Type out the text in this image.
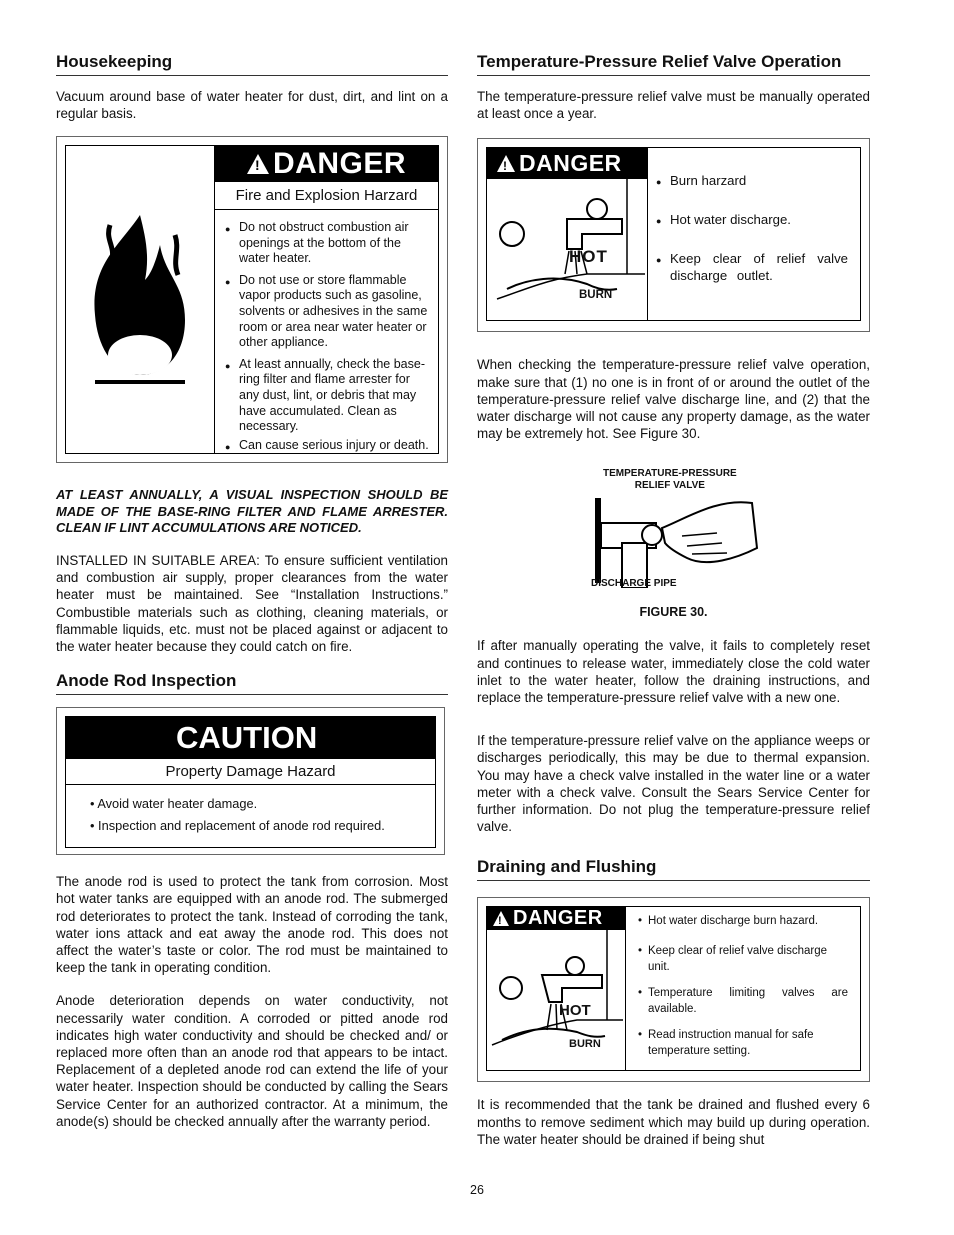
Housekeeping
Vacuum around base of water heater for dust, dirt, and lint on a regular basis.
! DANGER
Fire and Explosion Harzard
● Do not obstruct combustion air openings at the bottom of the water heater.
● Do not use or store flammable vapor products such as gasoline, solvents or adhesives in the same room or area near water heater or other appliance.
● At least annually, check the base-ring filter and flame arrester for any dust, lint, or debris that may have accumulated. Clean as necessary.
● Can cause serious injury or death.
AT LEAST ANNUALLY, A VISUAL INSPECTION SHOULD BE MADE OF THE BASE-RING FILTER AND FLAME ARRESTER. CLEAN IF LINT ACCUMULATIONS ARE NOTICED.
INSTALLED IN SUITABLE AREA: To ensure sufficient ventilation and combustion air supply, proper clearances from the water heater must be maintained. See “Installation Instructions.” Combustible materials such as clothing, cleaning materials, or flammable liquids, etc. must not be placed against or adjacent to the water heater because they could catch on fire.
Anode Rod Inspection
CAUTION
Property Damage Hazard
• Avoid water heater damage.
• Inspection and replacement of anode rod required.
The anode rod is used to protect the tank from corrosion. Most hot water tanks are equipped with an anode rod. The submerged rod deteriorates to protect the tank. Instead of corroding the tank, water ions attack and eat away the anode rod. This does not affect the water’s taste or color. The rod must be maintained to keep the tank in operating condition.
Anode deterioration depends on water conductivity, not necessarily water condition. A corroded or pitted anode rod indicates high water conductivity and should be checked and/ or replaced more often than an anode rod that appears to be intact. Replacement of a depleted anode rod can extend the life of your water heater. Inspection should be conducted by calling the Sears Service Center for an authorized contractor. At a minimum, the anode(s) should be checked annually after the warranty period.
Temperature-Pressure Relief Valve Operation
The temperature-pressure relief valve must be manually operated at least once a year.
! DANGER
HOT
BURN
● Burn harzard
● Hot water discharge.
● Keep clear of relief valve discharge outlet.
When checking the temperature-pressure relief valve operation, make sure that (1) no one is in front of or around the outlet of the temperature-pressure relief valve discharge line, and (2) that the water discharge will not cause any property damage, as the water may be extremely hot. See Figure 30.
TEMPERATURE-PRESSURE
RELIEF VALVE
DISCHARGE PIPE
FIGURE 30.
If after manually operating the valve, it fails to completely reset and continues to release water, immediately close the cold water inlet to the water heater, follow the draining instructions, and replace the temperature-pressure relief valve with a new one.
If the temperature-pressure relief valve on the appliance weeps or discharges periodically, this may be due to thermal expansion. You may have a check valve installed in the water line or a water meter with a check valve. Consult the Sears Service Center for further information. Do not plug the temperature-pressure relief valve.
Draining and Flushing
! DANGER
HOT
BURN
• Hot water discharge burn hazard.
• Keep clear of relief valve discharge unit.
• Temperature limiting valves are available.
• Read instruction manual for safe temperature setting.
It is recommended that the tank be drained and flushed every 6 months to remove sediment which may build up during operation. The water heater should be drained if being shut
26
